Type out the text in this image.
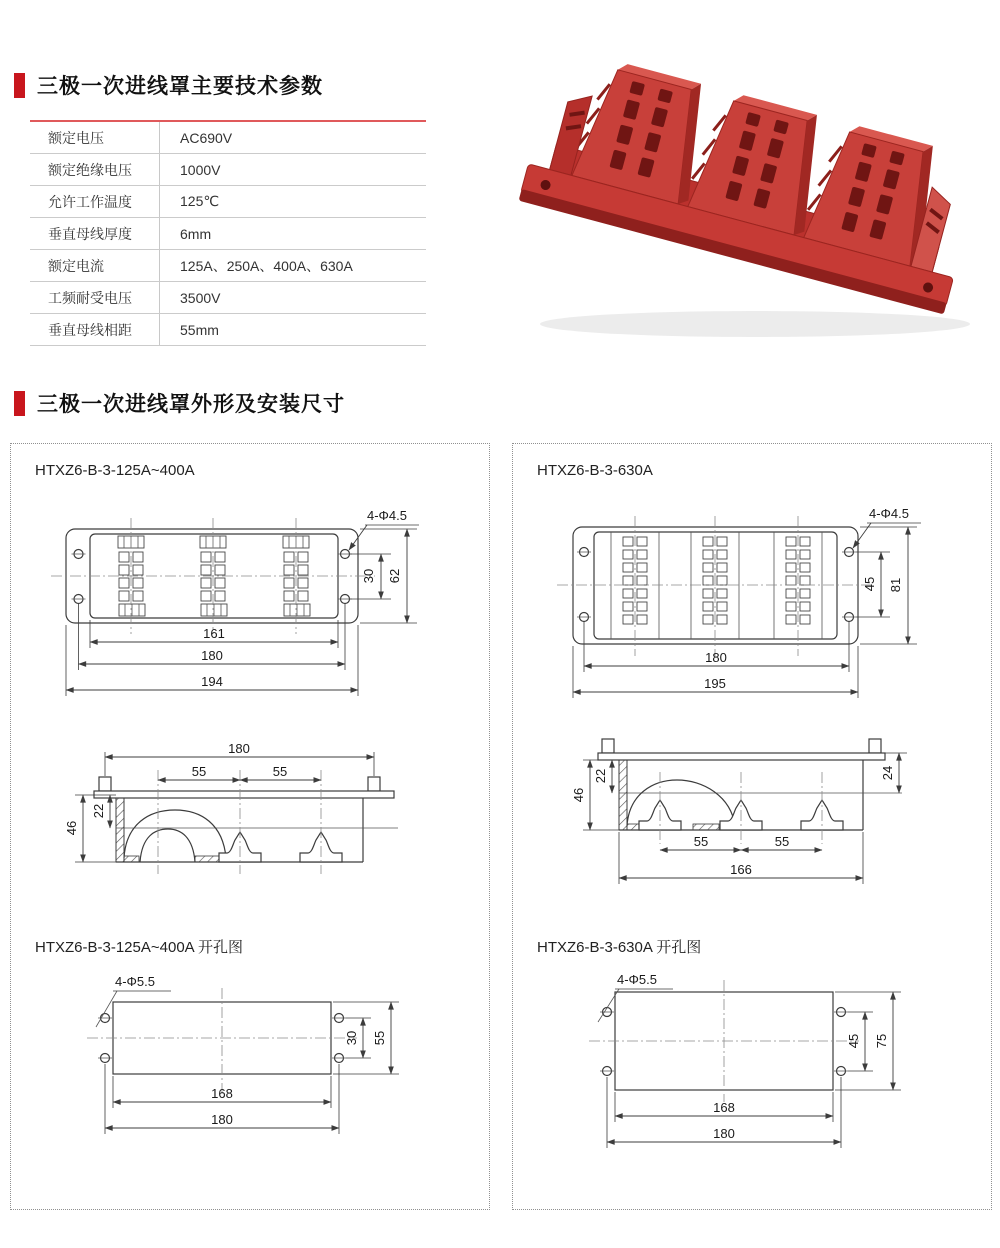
三极一次进线罩主要技术参数
额定电压	AC690V
额定绝缘电压	1000V
允许工作温度	125℃
垂直母线厚度	6mm
额定电流	125A、250A、400A、630A
工频耐受电压	3500V
垂直母线相距	55mm
三极一次进线罩外形及安装尺寸
HTXZ6-B-3-125A~400A
4-Φ4.5
30 62
161
180
194
180
55	55
46
22
HTXZ6-B-3-125A~400A 开孔图
4-Φ5.5
30 55
168
180
HTXZ6-B-3-630A
4-Φ4.5
45 81
180
195
22
46
24
55	55
166
HTXZ6-B-3-630A 开孔图
4-Φ5.5
45 75
168
180
